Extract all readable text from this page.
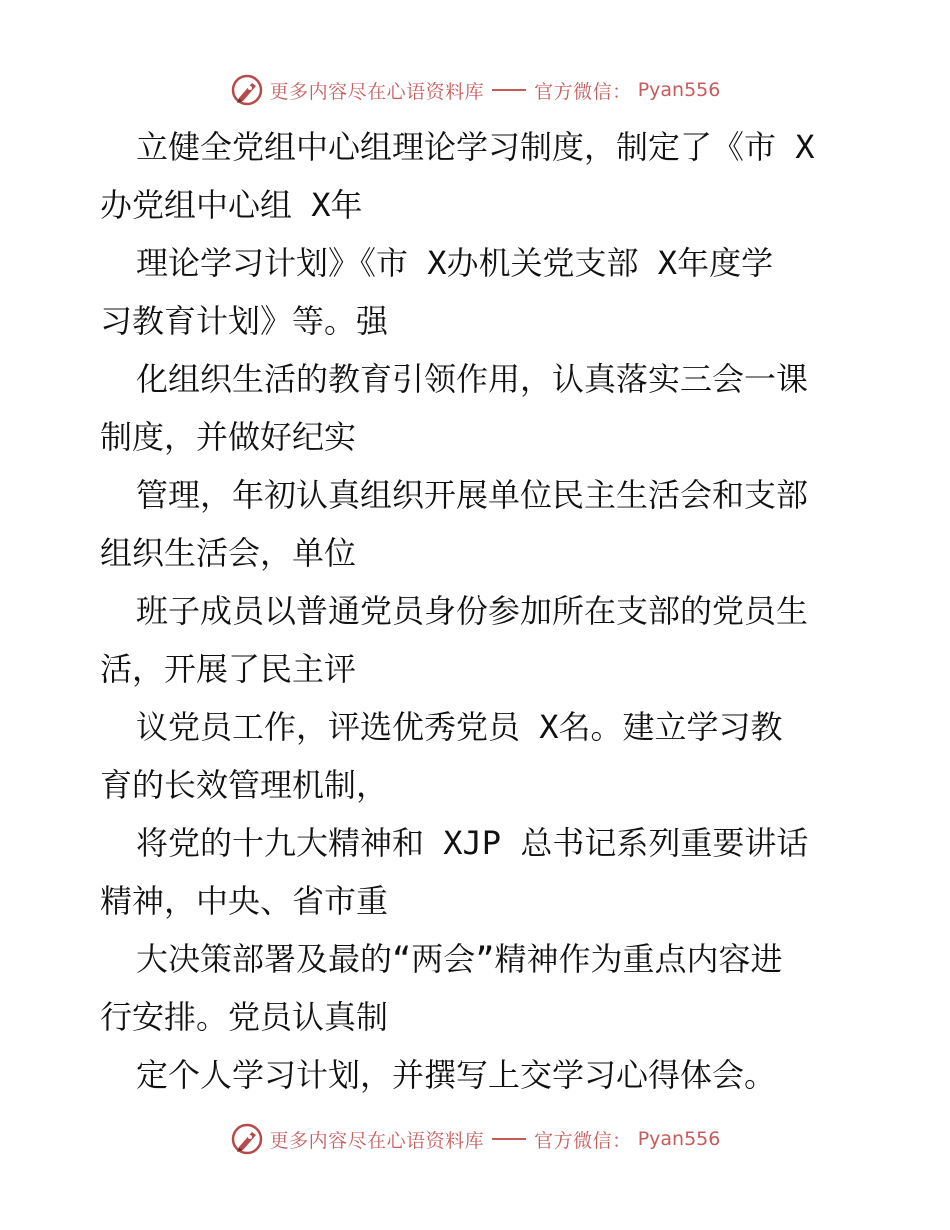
更多内容尽在心语资料库	官方微信： Pyan556
立健全党组中心组理论学习制度，制定了《市 X
办党组中心组 X年
理论学习计划》《市 X办机关党支部 X年度学
习教育计划》等。强
化组织生活的教育引领作用，认真落实三会一课
制度，并做好纪实
管理，年初认真组织开展单位民主生活会和支部
组织生活会，单位
班子成员以普通党员身份参加所在支部的党员生
活，开展了民主评
议党员工作，评选优秀党员 X名。建立学习教
育的长效管理机制，
将党的十九大精神和 XJP 总书记系列重要讲话
精神，中央、省市重
大决策部署及最的“两会”精神作为重点内容进
行安排。党员认真制
定个人学习计划，并撰写上交学习心得体会。
更多内容尽在心语资料库	官方微信： Pyan556
